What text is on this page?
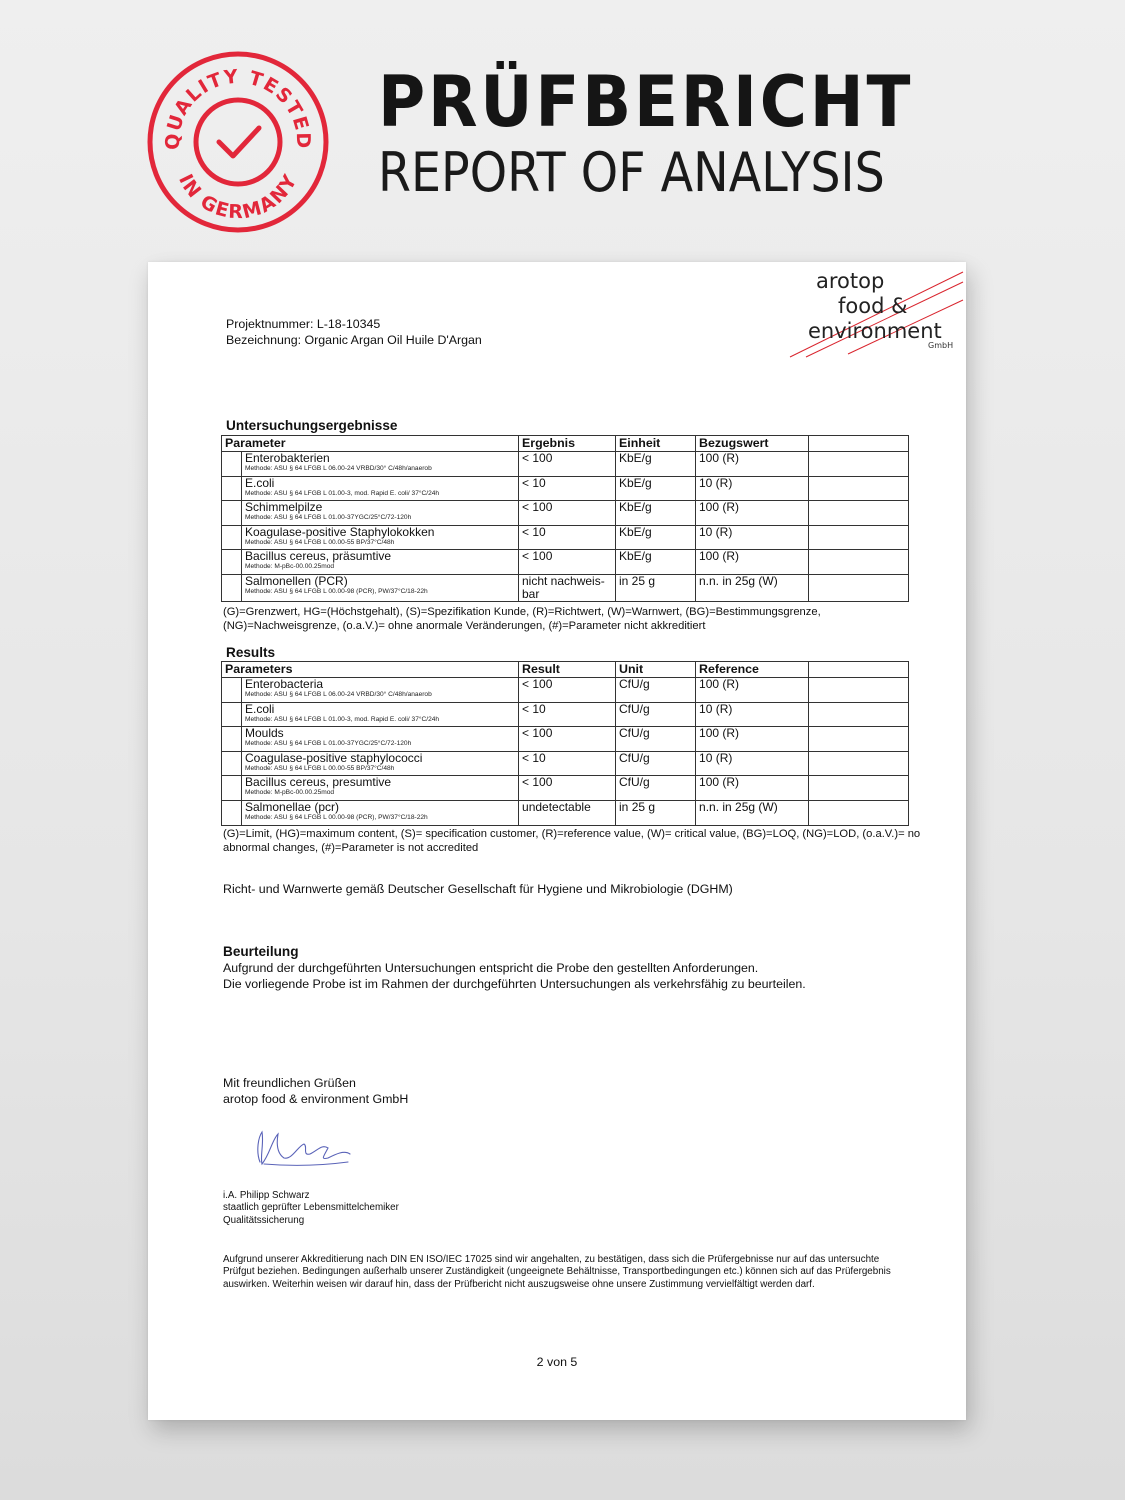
QUALITY TESTED
IN GERMANY
PRÜFBERICHT
REPORT OF ANALYSIS
arotop
food &
environment
GmbH
Projektnummer: L-18-10345
Bezeichnung: Organic Argan Oil Huile D'Argan
Untersuchungsergebnisse
Parameter		Ergebnis	Einheit	Bezugswert	

	Enterobakterien
Methode: ASU § 64 LFGB L 06.00-24 VRBD/30° C/48h/anaerob	< 100	KbE/g	100 (R)	

	E.coli
Methode: ASU § 64 LFGB L 01.00-3, mod. Rapid E. coli/ 37°C/24h	< 10	KbE/g	10 (R)	

	Schimmelpilze
Methode: ASU § 64 LFGB L 01.00-37YGC/25°C/72-120h	< 100	KbE/g	100 (R)	

	Koagulase-positive Staphylokokken
Methode: ASU § 64 LFGB L 00.00-55 BP/37°C/48h	< 10	KbE/g	10 (R)	

	Bacillus cereus, präsumtive
Methode: M-pBc-00.00.25mod	< 100	KbE/g	100 (R)	

	Salmonellen (PCR)
Methode: ASU § 64 LFGB L 00.00-98 (PCR), PW/37°C/18-22h	nicht nachweis-bar	in 25 g	n.n. in 25g (W)	
(G)=Grenzwert, HG=(Höchstgehalt), (S)=Spezifikation Kunde, (R)=Richtwert, (W)=Warnwert, (BG)=Bestimmungsgrenze, (NG)=Nachweisgrenze, (o.a.V.)= ohne anormale Veränderungen, (#)=Parameter nicht akkreditiert
Results
Parameters		Result	Unit	Reference	

	Enterobacteria
Methode: ASU § 64 LFGB L 06.00-24 VRBD/30° C/48h/anaerob	< 100	CfU/g	100 (R)	

	E.coli
Methode: ASU § 64 LFGB L 01.00-3, mod. Rapid E. coli/ 37°C/24h	< 10	CfU/g	10 (R)	

	Moulds
Methode: ASU § 64 LFGB L 01.00-37YGC/25°C/72-120h	< 100	CfU/g	100 (R)	

	Coagulase-positive staphylococci
Methode: ASU § 64 LFGB L 00.00-55 BP/37°C/48h	< 10	CfU/g	10 (R)	

	Bacillus cereus, presumtive
Methode: M-pBc-00.00.25mod	< 100	CfU/g	100 (R)	

	Salmonellae (pcr)
Methode: ASU § 64 LFGB L 00.00-98 (PCR), PW/37°C/18-22h	undetectable	in 25 g	n.n. in 25g (W)	
(G)=Limit, (HG)=maximum content, (S)= specification customer, (R)=reference value, (W)= critical value, (BG)=LOQ, (NG)=LOD, (o.a.V.)= no abnormal changes, (#)=Parameter is not accredited
Richt- und Warnwerte gemäß Deutscher Gesellschaft für Hygiene und Mikrobiologie (DGHM)
Beurteilung
Aufgrund der durchgeführten Untersuchungen entspricht die Probe den gestellten Anforderungen.
Die vorliegende Probe ist im Rahmen der durchgeführten Untersuchungen als verkehrsfähig zu beurteilen.
Mit freundlichen Grüßen
arotop food & environment GmbH
i.A. Philipp Schwarz
staatlich geprüfter Lebensmittelchemiker
Qualitätssicherung
Aufgrund unserer Akkreditierung nach DIN EN ISO/IEC 17025 sind wir angehalten, zu bestätigen, dass sich die Prüfergebnisse nur auf das untersuchte Prüfgut beziehen. Bedingungen außerhalb unserer Zuständigkeit (ungeeignete Behältnisse, Transportbedingungen etc.) können sich auf das Prüfergebnis auswirken. Weiterhin weisen wir darauf hin, dass der Prüfbericht nicht auszugsweise ohne unsere Zustimmung vervielfältigt werden darf.
2 von 5
